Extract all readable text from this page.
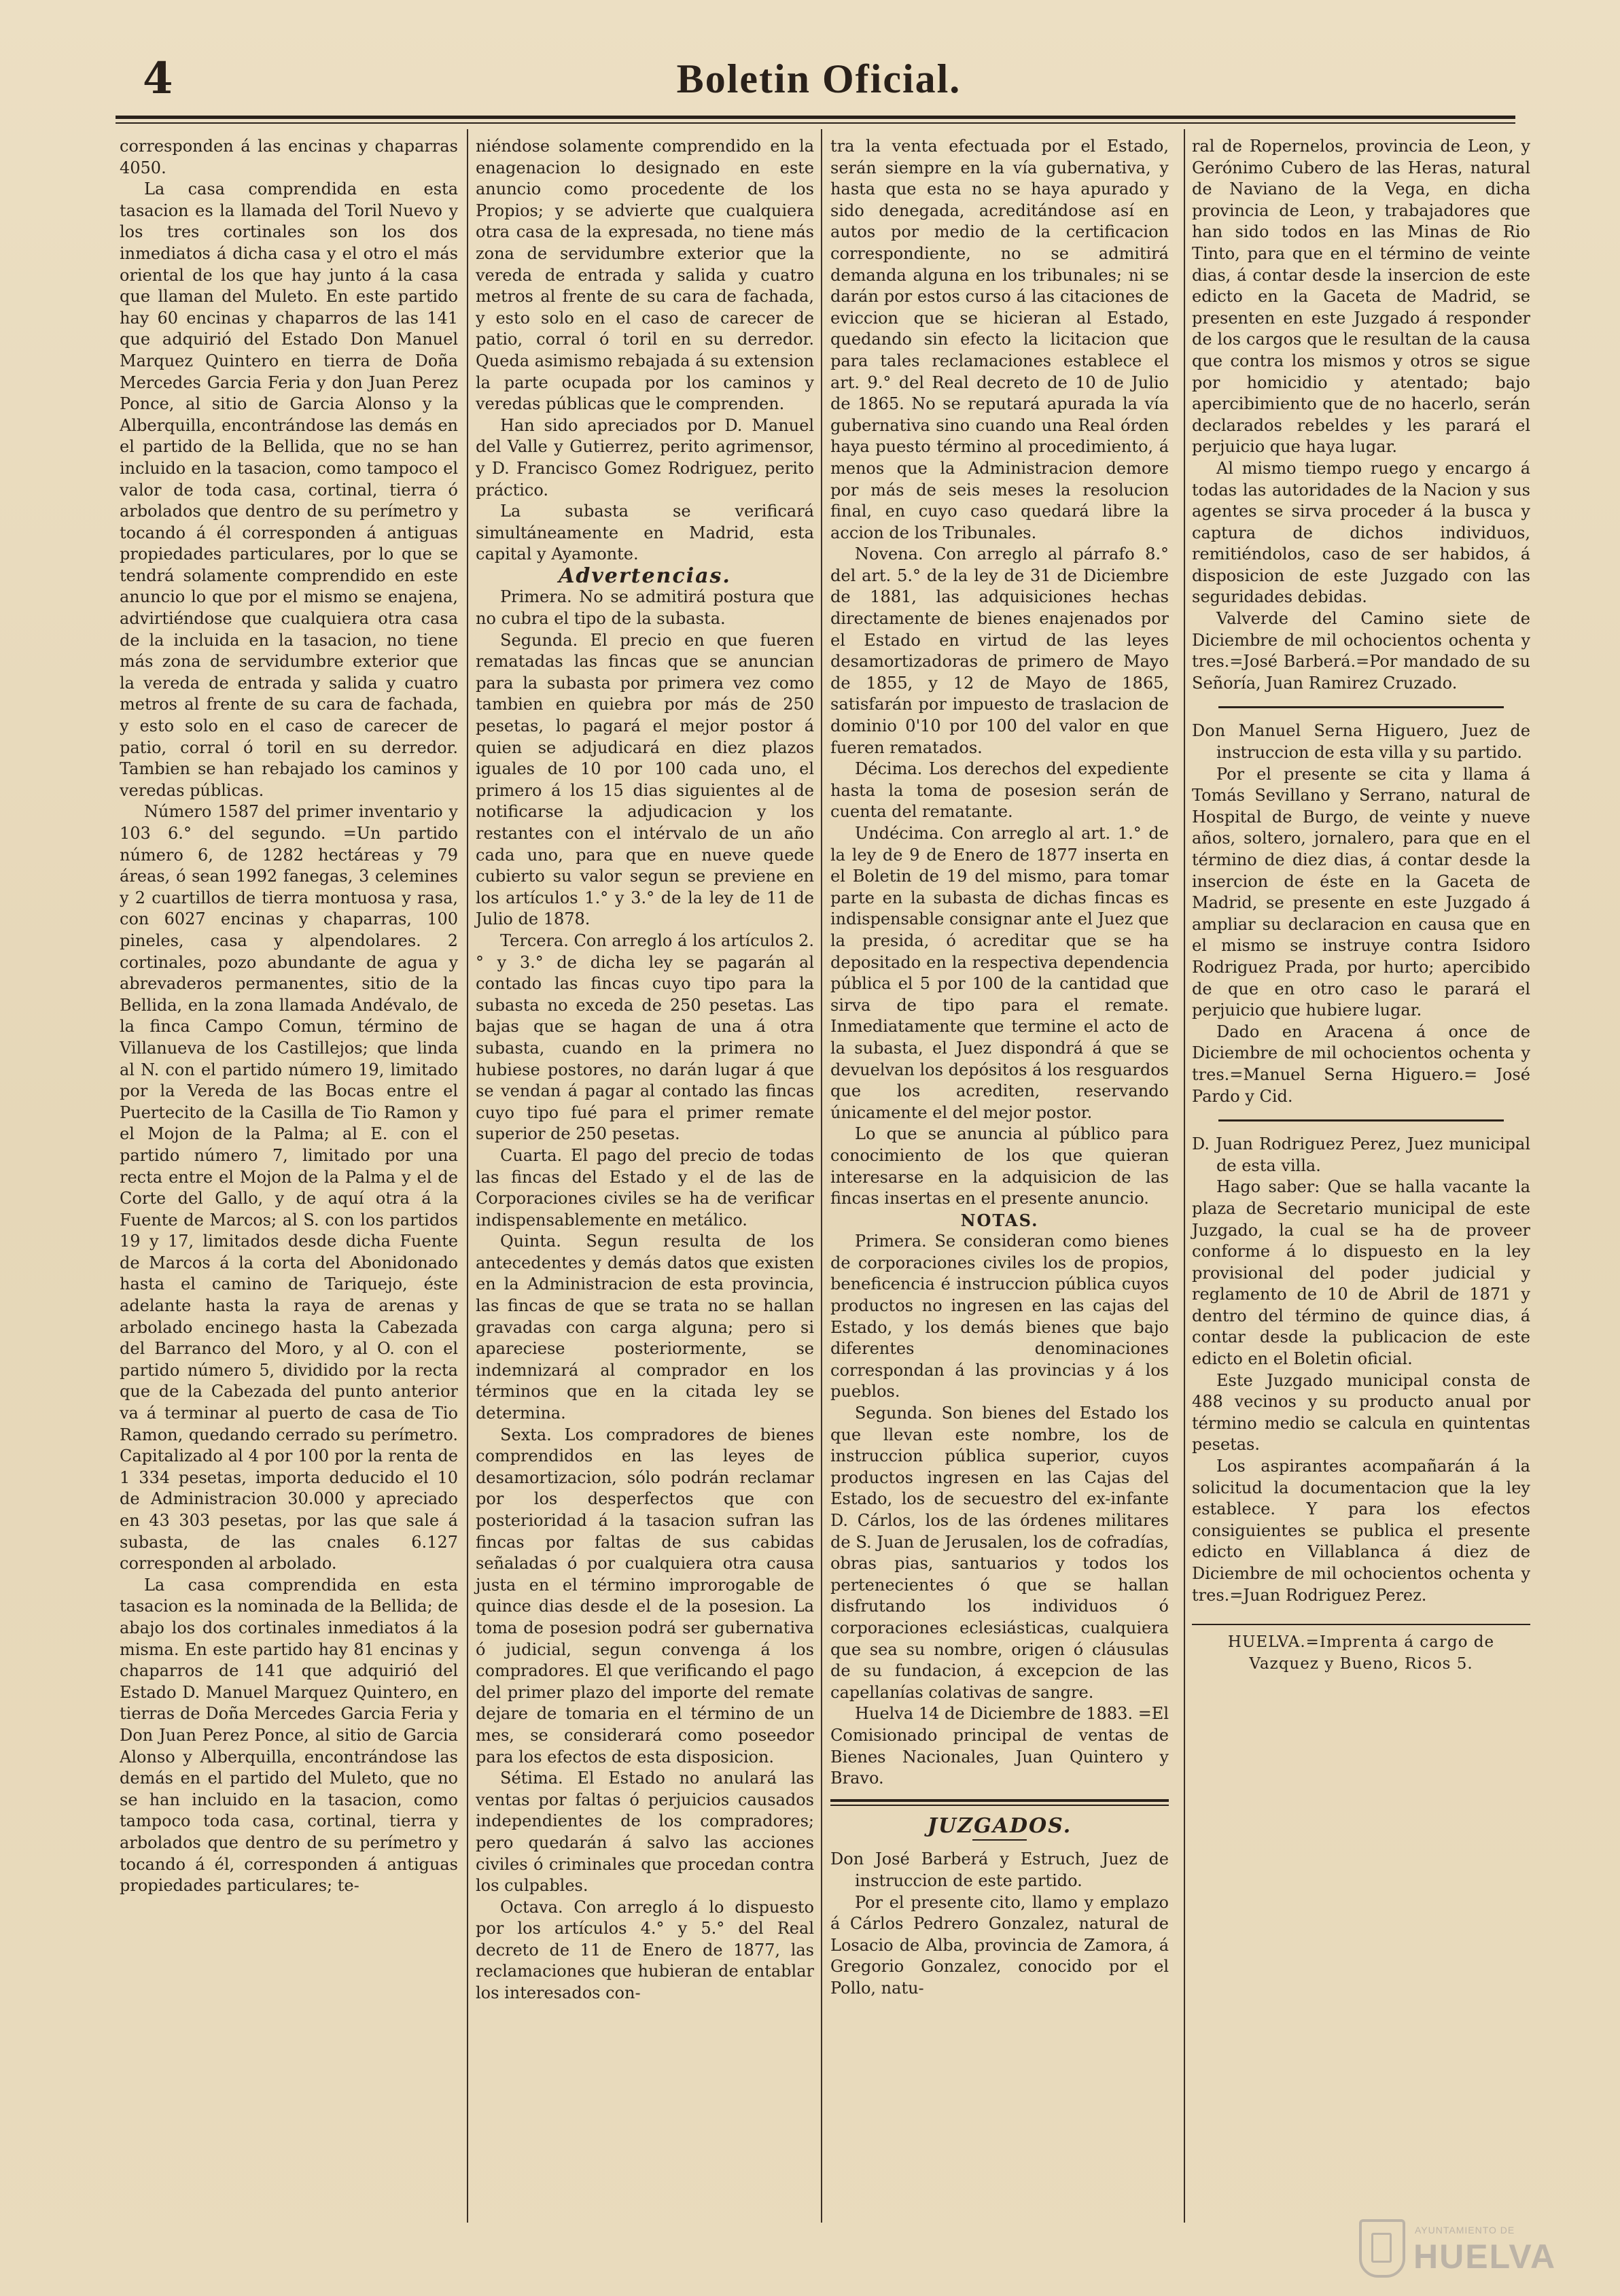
4	Boletin Oficial.

corresponden á las encinas y chaparras 4050.

La casa comprendida en esta tasacion es la llamada del Toril Nuevo y los tres cortinales son los dos inmediatos á dicha casa y el otro el más oriental de los que hay junto á la casa que llaman del Muleto. En este partido hay 60 encinas y chaparros de las 141 que adquirió del Estado Don Manuel Marquez Quintero en tierra de Doña Mercedes Garcia Feria y don Juan Perez Ponce, al sitio de Garcia Alonso y la Alberquilla, encontrándose las demás en el partido de la Bellida, que no se han incluido en la tasacion, como tampoco el valor de toda casa, cortinal, tierra ó arbolados que dentro de su perímetro y tocando á él corresponden á antiguas propiedades particulares, por lo que se tendrá solamente comprendido en este anuncio lo que por el mismo se enajena, advirtiéndose que cualquiera otra casa de la incluida en la tasacion, no tiene más zona de servidumbre exterior que la vereda de entrada y salida y cuatro metros al frente de su cara de fachada, y esto solo en el caso de carecer de patio, corral ó toril en su derredor. Tambien se han rebajado los caminos y veredas públicas.

Número 1587 del primer inventario y 103 6.° del segundo. =Un partido número 6, de 1282 hectáreas y 79 áreas, ó sean 1992 fanegas, 3 celemines y 2 cuartillos de tierra montuosa y rasa, con 6027 encinas y chaparras, 100 pineles, casa y alpendolares. 2 cortinales, pozo abundante de agua y abrevaderos permanentes, sitio de la Bellida, en la zona llamada Andévalo, de la finca Campo Comun, término de Villanueva de los Castillejos; que linda al N. con el partido número 19, limitado por la Vereda de las Bocas entre el Puertecito de la Casilla de Tio Ramon y el Mojon de la Palma; al E. con el partido número 7, limitado por una recta entre el Mojon de la Palma y el de Corte del Gallo, y de aquí otra á la Fuente de Marcos; al S. con los partidos 19 y 17, limitados desde dicha Fuente de Marcos á la corta del Abonidonado hasta el camino de Tariquejo, éste adelante hasta la raya de arenas y arbolado encinego hasta la Cabezada del Barranco del Moro, y al O. con el partido número 5, dividido por la recta que de la Cabezada del punto anterior va á terminar al puerto de casa de Tio Ramon, quedando cerrado su perímetro. Capitalizado al 4 por 100 por la renta de 1 334 pesetas, importa deducido el 10 de Administracion 30.000 y apreciado en 43 303 pesetas, por las que sale á subasta, de las cnales 6.127 corresponden al arbolado.

La casa comprendida en esta tasacion es la nominada de la Bellida; de abajo los dos cortinales inmediatos á la misma. En este partido hay 81 encinas y chaparros de 141 que adquirió del Estado D. Manuel Marquez Quintero, en tierras de Doña Mercedes Garcia Feria y Don Juan Perez Ponce, al sitio de Garcia Alonso y Alberquilla, encontrándose las demás en el partido del Muleto, que no se han incluido en la tasacion, como tampoco toda casa, cortinal, tierra y arbolados que dentro de su perímetro y tocando á él, corresponden á antiguas propiedades particulares; te-

niéndose solamente comprendido en la enagenacion lo designado en este anuncio como procedente de los Propios; y se advierte que cualquiera otra casa de la expresada, no tiene más zona de servidumbre exterior que la vereda de entrada y salida y cuatro metros al frente de su cara de fachada, y esto solo en el caso de carecer de patio, corral ó toril en su derredor. Queda asimismo rebajada á su extension la parte ocupada por los caminos y veredas públicas que le comprenden.

Han sido apreciados por D. Manuel del Valle y Gutierrez, perito agrimensor, y D. Francisco Gomez Rodriguez, perito práctico.

La subasta se verificará simultáneamente en Madrid, esta capital y Ayamonte.

Advertencias.

Primera. No se admitirá postura que no cubra el tipo de la subasta.

Segunda. El precio en que fueren rematadas las fincas que se anuncian para la subasta por primera vez como tambien en quiebra por más de 250 pesetas, lo pagará el mejor postor á quien se adjudicará en diez plazos iguales de 10 por 100 cada uno, el primero á los 15 dias siguientes al de notificarse la adjudicacion y los restantes con el intérvalo de un año cada uno, para que en nueve quede cubierto su valor segun se previene en los artículos 1.° y 3.° de la ley de 11 de Julio de 1878.

Tercera. Con arreglo á los artículos 2.° y 3.° de dicha ley se pagarán al contado las fincas cuyo tipo para la subasta no exceda de 250 pesetas. Las bajas que se hagan de una á otra subasta, cuando en la primera no hubiese postores, no darán lugar á que se vendan á pagar al contado las fincas cuyo tipo fué para el primer remate superior de 250 pesetas.

Cuarta. El pago del precio de todas las fincas del Estado y el de las de Corporaciones civiles se ha de verificar indispensablemente en metálico.

Quinta. Segun resulta de los antecedentes y demás datos que existen en la Administracion de esta provincia, las fincas de que se trata no se hallan gravadas con carga alguna; pero si apareciese posteriormente, se indemnizará al comprador en los términos que en la citada ley se determina.

Sexta. Los compradores de bienes comprendidos en las leyes de desamortizacion, sólo podrán reclamar por los desperfectos que con posterioridad á la tasacion sufran las fincas por faltas de sus cabidas señaladas ó por cualquiera otra causa justa en el término improrogable de quince dias desde el de la posesion. La toma de posesion podrá ser gubernativa ó judicial, segun convenga á los compradores. El que verificando el pago del primer plazo del importe del remate dejare de tomaria en el término de un mes, se considerará como poseedor para los efectos de esta disposicion.

Sétima. El Estado no anulará las ventas por faltas ó perjuicios causados independientes de los compradores; pero quedarán á salvo las acciones civiles ó criminales que procedan contra los culpables.

Octava. Con arreglo á lo dispuesto por los artículos 4.° y 5.° del Real decreto de 11 de Enero de 1877, las reclamaciones que hubieran de entablar los interesados con-

tra la venta efectuada por el Estado, serán siempre en la vía gubernativa, y hasta que esta no se haya apurado y sido denegada, acreditándose así en autos por medio de la certificacion correspondiente, no se admitirá demanda alguna en los tribunales; ni se darán por estos curso á las citaciones de eviccion que se hicieran al Estado, quedando sin efecto la licitacion que para tales reclamaciones establece el art. 9.° del Real decreto de 10 de Julio de 1865. No se reputará apurada la vía gubernativa sino cuando una Real órden haya puesto término al procedimiento, á menos que la Administracion demore por más de seis meses la resolucion final, en cuyo caso quedará libre la accion de los Tribunales.

Novena. Con arreglo al párrafo 8.° del art. 5.° de la ley de 31 de Diciembre de 1881, las adquisiciones hechas directamente de bienes enajenados por el Estado en virtud de las leyes desamortizadoras de primero de Mayo de 1855, y 12 de Mayo de 1865, satisfarán por impuesto de traslacion de dominio 0'10 por 100 del valor en que fueren rematados.

Décima. Los derechos del expediente hasta la toma de posesion serán de cuenta del rematante.

Undécima. Con arreglo al art. 1.° de la ley de 9 de Enero de 1877 inserta en el Boletin de 19 del mismo, para tomar parte en la subasta de dichas fincas es indispensable consignar ante el Juez que la presida, ó acreditar que se ha depositado en la respectiva dependencia pública el 5 por 100 de la cantidad que sirva de tipo para el remate. Inmediatamente que termine el acto de la subasta, el Juez dispondrá á que se devuelvan los depósitos á los resguardos que los acrediten, reservando únicamente el del mejor postor.

Lo que se anuncia al público para conocimiento de los que quieran interesarse en la adquisicion de las fincas insertas en el presente anuncio.

NOTAS.

Primera. Se consideran como bienes de corporaciones civiles los de propios, beneficencia é instruccion pública cuyos productos no ingresen en las cajas del Estado, y los demás bienes que bajo diferentes denominaciones correspondan á las provincias y á los pueblos.

Segunda. Son bienes del Estado los que llevan este nombre, los de instruccion pública superior, cuyos productos ingresen en las Cajas del Estado, los de secuestro del ex-infante D. Cárlos, los de las órdenes militares de S. Juan de Jerusalen, los de cofradías, obras pias, santuarios y todos los pertenecientes ó que se hallan disfrutando los individuos ó corporaciones eclesiásticas, cualquiera que sea su nombre, origen ó cláusulas de su fundacion, á excepcion de las capellanías colativas de sangre.

Huelva 14 de Diciembre de 1883. =El Comisionado principal de ventas de Bienes Nacionales, Juan Quintero y Bravo.

JUZGADOS.

Don José Barberá y Estruch, Juez de instruccion de este partido.

Por el presente cito, llamo y emplazo á Cárlos Pedrero Gonzalez, natural de Losacio de Alba, provincia de Zamora, á Gregorio Gonzalez, conocido por el Pollo, natu-

ral de Ropernelos, provincia de Leon, y Gerónimo Cubero de las Heras, natural de Naviano de la Vega, en dicha provincia de Leon, y trabajadores que han sido todos en las Minas de Rio Tinto, para que en el término de veinte dias, á contar desde la insercion de este edicto en la Gaceta de Madrid, se presenten en este Juzgado á responder de los cargos que le resultan de la causa que contra los mismos y otros se sigue por homicidio y atentado; bajo apercibimiento que de no hacerlo, serán declarados rebeldes y les parará el perjuicio que haya lugar.

Al mismo tiempo ruego y encargo á todas las autoridades de la Nacion y sus agentes se sirva proceder á la busca y captura de dichos individuos, remitiéndolos, caso de ser habidos, á disposicion de este Juzgado con las seguridades debidas.

Valverde del Camino siete de Diciembre de mil ochocientos ochenta y tres.=José Barberá.=Por mandado de su Señoría, Juan Ramirez Cruzado.

Don Manuel Serna Higuero, Juez de instruccion de esta villa y su partido.

Por el presente se cita y llama á Tomás Sevillano y Serrano, natural de Hospital de Burgo, de veinte y nueve años, soltero, jornalero, para que en el término de diez dias, á contar desde la insercion de éste en la Gaceta de Madrid, se presente en este Juzgado á ampliar su declaracion en causa que en el mismo se instruye contra Isidoro Rodriguez Prada, por hurto; apercibido de que en otro caso le parará el perjuicio que hubiere lugar.

Dado en Aracena á once de Diciembre de mil ochocientos ochenta y tres.=Manuel Serna Higuero.= José Pardo y Cid.

D. Juan Rodriguez Perez, Juez municipal de esta villa.

Hago saber: Que se halla vacante la plaza de Secretario municipal de este Juzgado, la cual se ha de proveer conforme á lo dispuesto en la ley provisional del poder judicial y reglamento de 10 de Abril de 1871 y dentro del término de quince dias, á contar desde la publicacion de este edicto en el Boletin oficial.

Este Juzgado municipal consta de 488 vecinos y su producto anual por término medio se calcula en quintentas pesetas.

Los aspirantes acompañarán á la solicitud la documentacion que la ley establece. Y para los efectos consiguientes se publica el presente edicto en Villablanca á diez de Diciembre de mil ochocientos ochenta y tres.=Juan Rodriguez Perez.

HUELVA.=Imprenta á cargo de

Vazquez y Bueno, Ricos 5.

AYUNTAMIENTO DE
HUELVA
